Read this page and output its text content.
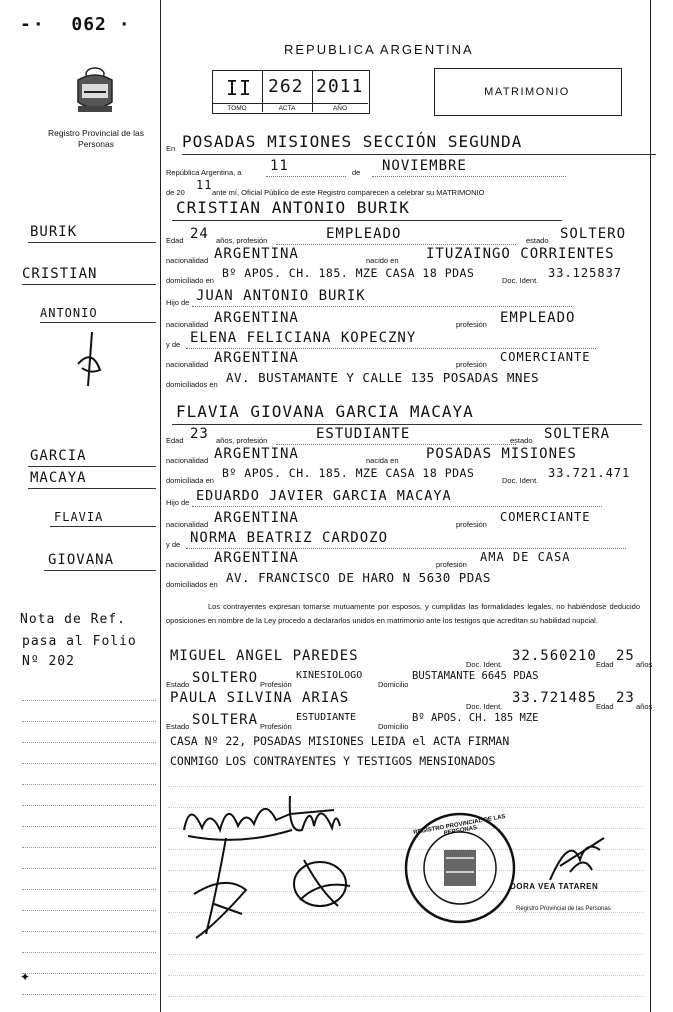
-·  062 ·
Registro Provincial de las Personas
REPUBLICA ARGENTINA
II 262 2011
TOMO	ACTA	AÑO
MATRIMONIO
BURIK
CRISTIAN
ANTONIO
GARCIA
MACAYA
FLAVIA
GIOVANA
Nota de Ref.
pasa al Folio
Nº 202
En POSADAS MISIONES SECCIÓN SEGUNDA
República Argentina, a 11	de NOVIEMBRE
de 20
11
ante mí, Oficial Público de este Registro comparecen a celebrar su MATRIMONIO
CRISTIAN ANTONIO BURIK
Edad 24 años, profesión	EMPLEADO	estado SOLTERO
nacionalidad ARGENTINA	nacido en ITUZAINGO CORRIENTES
domiciliado en
Bº APOS. CH. 185. MZE CASA 18 PDAS
Doc. Ident.
33.125837
Hijo de JUAN ANTONIO BURIK
nacionalidad ARGENTINA	profesión EMPLEADO
y de ELENA FELICIANA KOPECZNY
nacionalidad ARGENTINA	profesión
COMERCIANTE
domiciliados en AV. BUSTAMANTE Y CALLE 135 POSADAS MNES
FLAVIA GIOVANA GARCIA MACAYA
Edad 23 años, profesión	ESTUDIANTE	estado SOLTERA
nacionalidad ARGENTINA	nacida en POSADAS MISIONES
domiciliada en
Bº APOS. CH. 185. MZE CASA 18 PDAS
Doc. Ident.
33.721.471
Hijo de EDUARDO JAVIER GARCIA MACAYA
nacionalidad ARGENTINA	profesión
COMERCIANTE
y de NORMA BEATRIZ CARDOZO
nacionalidad ARGENTINA	profesión
AMA DE CASA
domiciliados en AV. FRANCISCO DE HARO N 5630 PDAS
Los contrayentes expresan tomarse mutuamente por esposos, y cumplidas las formalidades legales, no habiéndose deducido oposiciones en nombre de la Ley procedo a declararlos unidos en matrimonio ante los testigos que acreditan su habilidad nupcial.
MIGUEL ANGEL PAREDES
Doc. Ident.
32.560210
Edad
25
años
Estado SOLTERO Profesión
KINESIOLOGO
Domicilio
BUSTAMANTE 6645 PDAS
PAULA SILVINA ARIAS
Doc. Ident.
33.721485
Edad
23
años
Estado SOLTERA Profesión
ESTUDIANTE
Domicilio
Bº APOS. CH. 185 MZE
CASA Nº 22, POSADAS MISIONES LEIDA el ACTA FIRMAN
CONMIGO LOS CONTRAYENTES Y TESTIGOS MENSIONADOS
REGISTRO PROVINCIAL DE LAS PERSONAS
DORA VEA TATAREN
Registro Provincial de las Personas
✦
